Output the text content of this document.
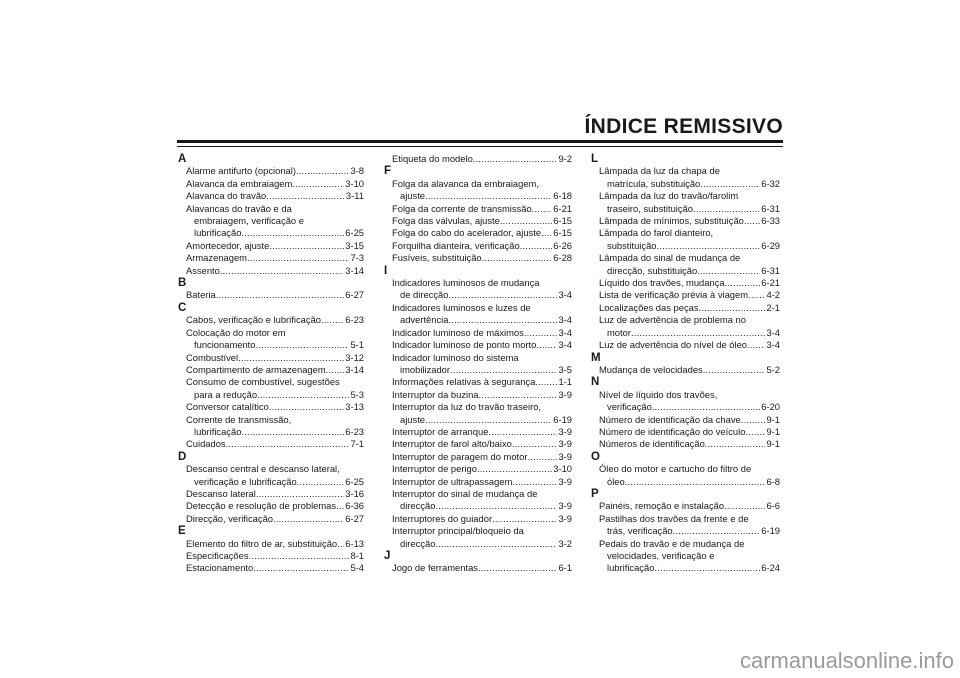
ÍNDICE REMISSIVO
A
Alarme antifurto (opcional) .....	3-8
Alavanca da embraiagem .....	3-10
Alavanca do travão .....	3-11
Alavancas do travão e da
embraiagem, verificação e
lubrificação .....	6-25
Amortecedor, ajuste .....	3-15
Armazenagem .....	7-3
Assento .....	3-14
B
Bateria .....	6-27
C
Cabos, verificação e lubrificação .....	6-23
Colocação do motor em
funcionamento .....	5-1
Combustível .....	3-12
Compartimento de armazenagem ..... 3-14
Consumo de combustível, sugestões
para a redução .....	5-3
Conversor catalítico .....	3-13
Corrente de transmissão,
lubrificação .....	6-23
Cuidados .....	7-1
D
Descanso central e descanso lateral,
verificação e lubrificação .....	6-25
Descanso lateral .....	3-16
Detecção e resolução de problemas ..... 6-36
Direcção, verificação .....	6-27
E
Elemento do filtro de ar, substituição ..... 6-13
Especificações .....	8-1
Estacionamento .....	5-4
Etiqueta do modelo .....	9-2
F
Folga da alavanca da embraiagem,
ajuste .....	6-18
Folga da corrente de transmissão ..... 6-21
Folga das válvulas, ajuste .....	6-15
Folga do cabo do acelerador, ajuste ..... 6-15
Forquilha dianteira, verificação .....	6-26
Fusíveis, substituição .....	6-28
I
Indicadores luminosos de mudança
de direcção .....	3-4
Indicadores luminosos e luzes de
advertência .....	3-4
Indicador luminoso de máximos .....	3-4
Indicador luminoso de ponto morto ..... 3-4
Indicador luminoso do sistema
imobilizador .....	3-5
Informações relativas à segurança ..... 1-1
Interruptor da buzina .....	3-9
Interruptor da luz do travão traseiro,
ajuste .....	6-19
Interruptor de arranque .....	3-9
Interruptor de farol alto/baixo .....	3-9
Interruptor de paragem do motor .....	3-9
Interruptor de perigo .....	3-10
Interruptor de ultrapassagem .....	3-9
Interruptor do sinal de mudança de
direcção .....	3-9
Interruptores do guiador .....	3-9
Interruptor principal/bloqueio da
direcção .....	3-2
J
Jogo de ferramentas .....	6-1
L
Lâmpada da luz da chapa de
matrícula, substituição .....	6-32
Lâmpada da luz do travão/farolim
traseiro, substituição .....	6-31
Lâmpada de mínimos, substituição ..... 6-33
Lâmpada do farol dianteiro,
substituição .....	6-29
Lâmpada do sinal de mudança de
direcção, substituição .....	6-31
Líquido dos travões, mudança .....	6-21
Lista de verificação prévia à viagem ..... 4-2
Localizações das peças .....	2-1
Luz de advertência de problema no
motor .....	3-4
Luz de advertência do nível de óleo ..... 3-4
M
Mudança de velocidades .....	5-2
N
Nível de líquido dos travões,
verificação .....	6-20
Número de identificação da chave .....	9-1
Número de identificação do veículo ..... 9-1
Números de identificação .....	9-1
O
Óleo do motor e cartucho do filtro de
óleo .....	6-8
P
Painéis, remoção e instalação .....	6-6
Pastilhas dos travões da frente e de
trás, verificação .....	6-19
Pedais do travão e de mudança de
velocidades, verificação e
lubrificação .....	6-24
carmanualsonline.info
